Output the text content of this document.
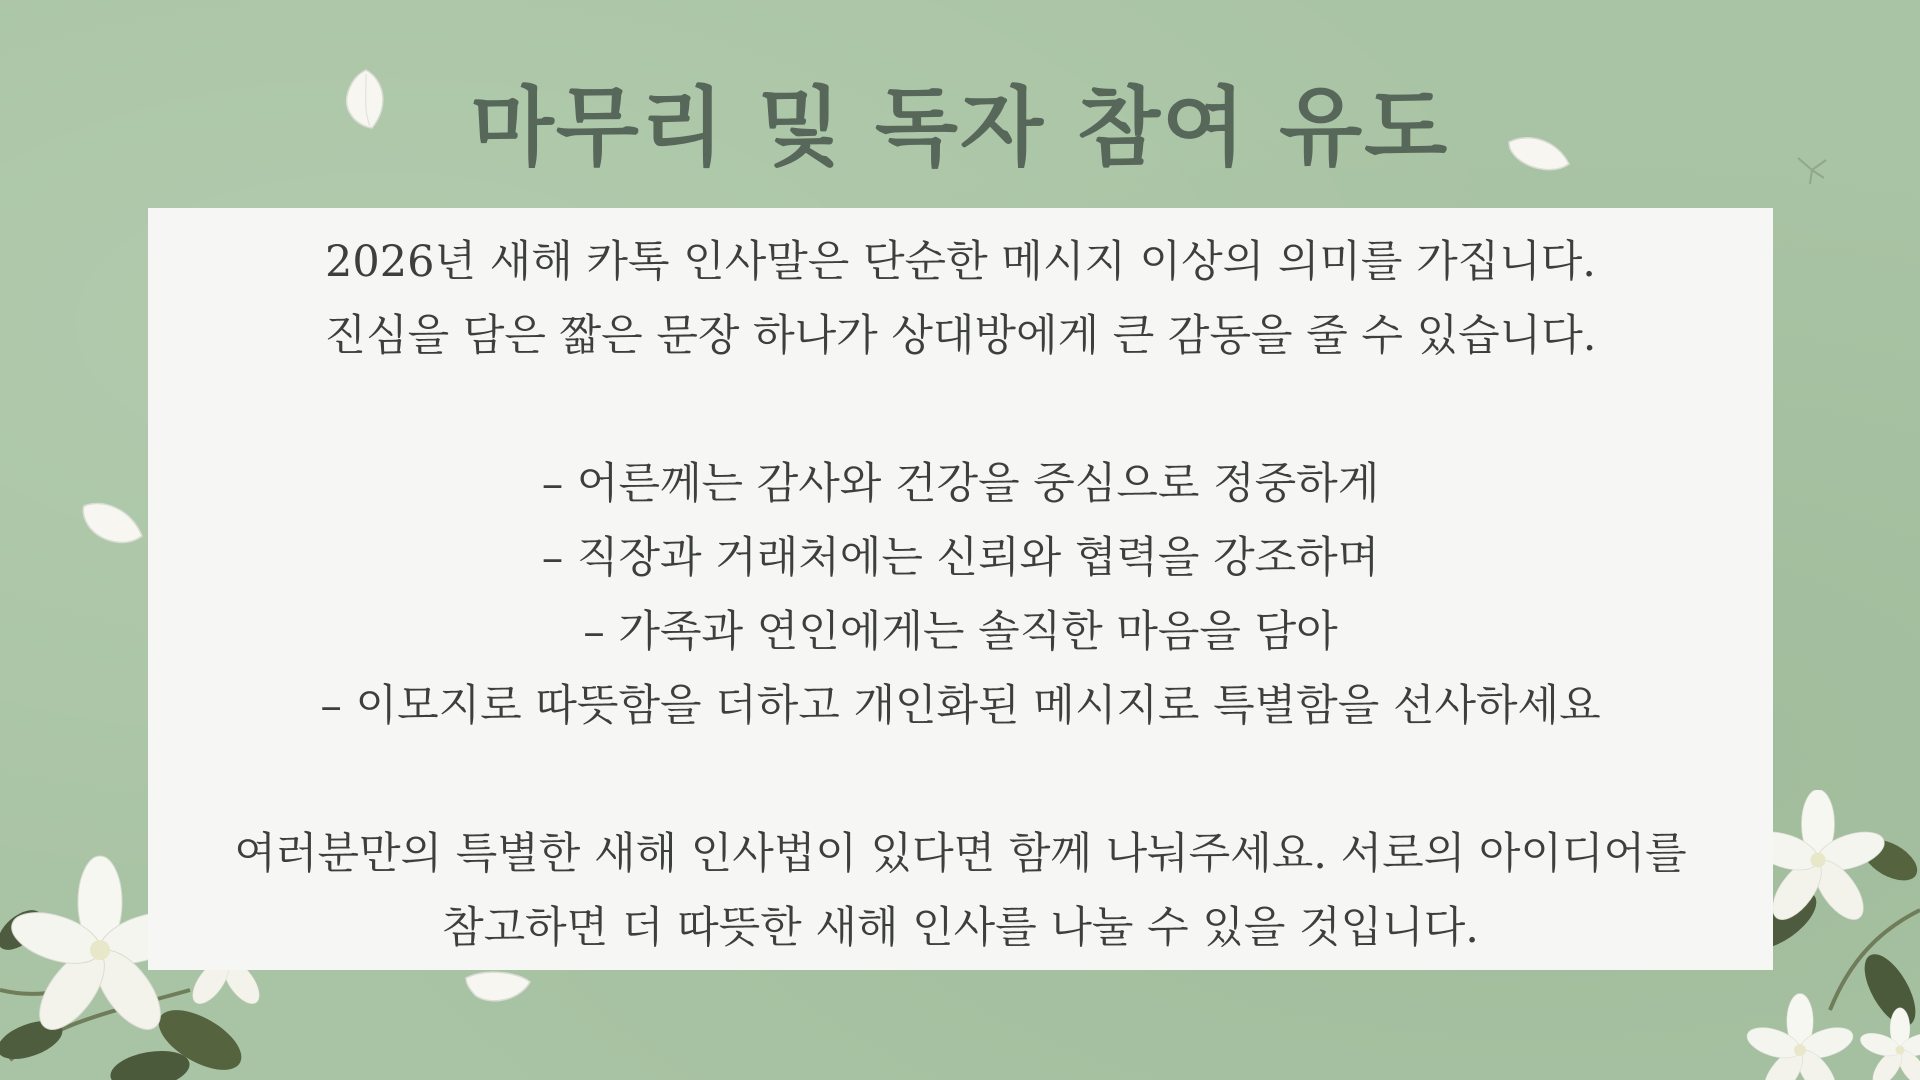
마무리 및 독자 참여 유도

2026년 새해 카톡 인사말은 단순한 메시지 이상의 의미를 가집니다.

진심을 담은 짧은 문장 하나가 상대방에게 큰 감동을 줄 수 있습니다.

– 어른께는 감사와 건강을 중심으로 정중하게

– 직장과 거래처에는 신뢰와 협력을 강조하며

– 가족과 연인에게는 솔직한 마음을 담아

– 이모지로 따뜻함을 더하고 개인화된 메시지로 특별함을 선사하세요

여러분만의 특별한 새해 인사법이 있다면 함께 나눠주세요. 서로의 아이디어를

참고하면 더 따뜻한 새해 인사를 나눌 수 있을 것입니다.
